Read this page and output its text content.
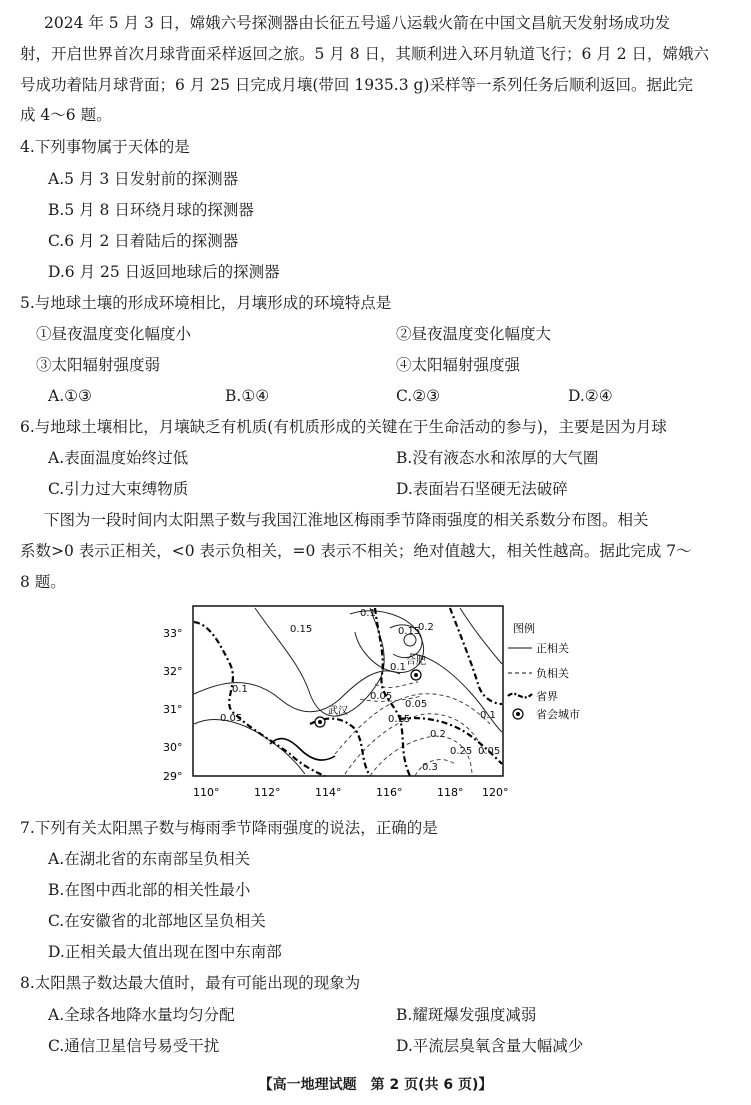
2024 年 5 月 3 日，嫦娥六号探测器由长征五号遥八运载火箭在中国文昌航天发射场成功发
射，开启世界首次月球背面采样返回之旅。5 月 8 日，其顺利进入环月轨道飞行；6 月 2 日，嫦娥六
号成功着陆月球背面；6 月 25 日完成月壤(带回 1935.3 g)采样等一系列任务后顺利返回。据此完
成 4～6 题。
4.下列事物属于天体的是
A.5 月 3 日发射前的探测器
B.5 月 8 日环绕月球的探测器
C.6 月 2 日着陆后的探测器
D.6 月 25 日返回地球后的探测器
5.与地球土壤的形成环境相比，月壤形成的环境特点是
①昼夜温度变化幅度小	②昼夜温度变化幅度大
③太阳辐射强度弱	④太阳辐射强度强
A.①③	B.①④	C.②③	D.②④
6.与地球土壤相比，月壤缺乏有机质(有机质形成的关键在于生命活动的参与)，主要是因为月球
A.表面温度始终过低	B.没有液态水和浓厚的大气圈
C.引力过大束缚物质	D.表面岩石坚硬无法破碎
下图为一段时间内太阳黑子数与我国江淮地区梅雨季节降雨强度的相关系数分布图。相关
系数>0 表示正相关，<0 表示负相关，=0 表示不相关；绝对值越大，相关性越高。据此完成 7～
8 题。
33°
32°
31°
30°
29°
110°	112°	114°	116°	118° 120°
0.15
0.1
0.15
0.2
0.1
0.05
0.05
0.1
0.15
0.05
0.2
0.25
0.3
0.1
0.05
合肥
武汉
图例
正相关
负相关
省界
省会城市
7.下列有关太阳黑子数与梅雨季节降雨强度的说法，正确的是
A.在湖北省的东南部呈负相关
B.在图中西北部的相关性最小
C.在安徽省的北部地区呈负相关
D.正相关最大值出现在图中东南部
8.太阳黑子数达最大值时，最有可能出现的现象为
A.全球各地降水量均匀分配	B.耀斑爆发强度减弱
C.通信卫星信号易受干扰	D.平流层臭氧含量大幅减少
【高一地理试题　第 2 页(共 6 页)】
